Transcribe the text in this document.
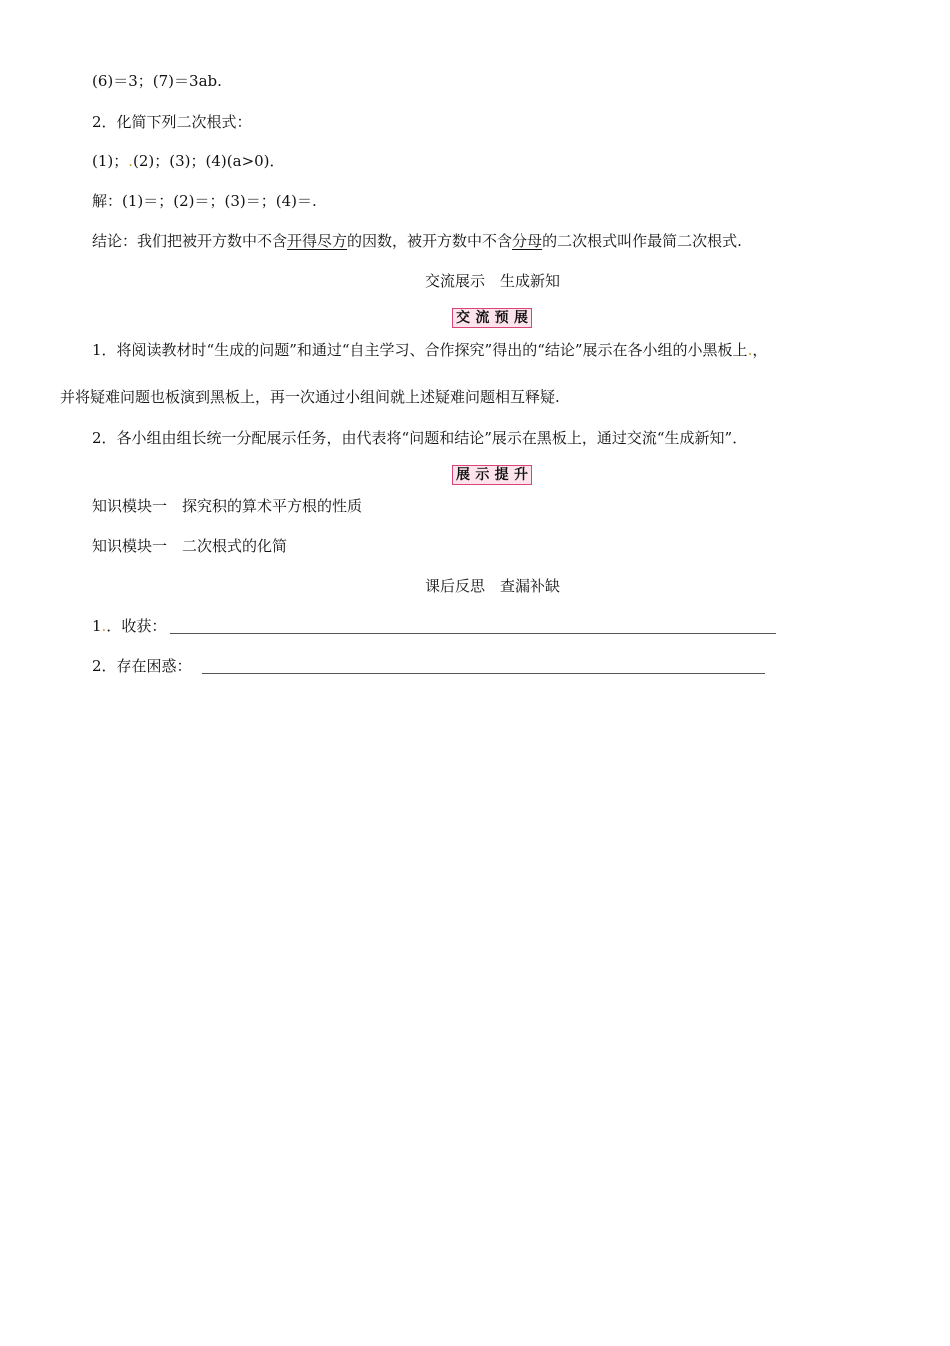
(6)＝3；(7)＝3ab.
2．化简下列二次根式：
(1)；.(2)；(3)；(4)(a>0)．
解：(1)＝；(2)＝；(3)＝；(4)＝.
结论：我们把被开方数中不含开得尽方的因数，被开方数中不含分母的二次根式叫作最简二次根式.
交流展示　生成新知
交 流 预 展
1．将阅读教材时“生成的问题”和通过“自主学习、合作探究”得出的“结论”展示在各小组的小黑板上.，
并将疑难问题也板演到黑板上，再一次通过小组间就上述疑难问题相互释疑.
2．各小组由组长统一分配展示任务，由代表将“问题和结论”展示在黑板上，通过交流“生成新知”．
展 示 提 升
知识模块一　探究积的算术平方根的性质
知识模块一　二次根式的化简
课后反思　查漏补缺
1.．收获：
2．存在困惑：
